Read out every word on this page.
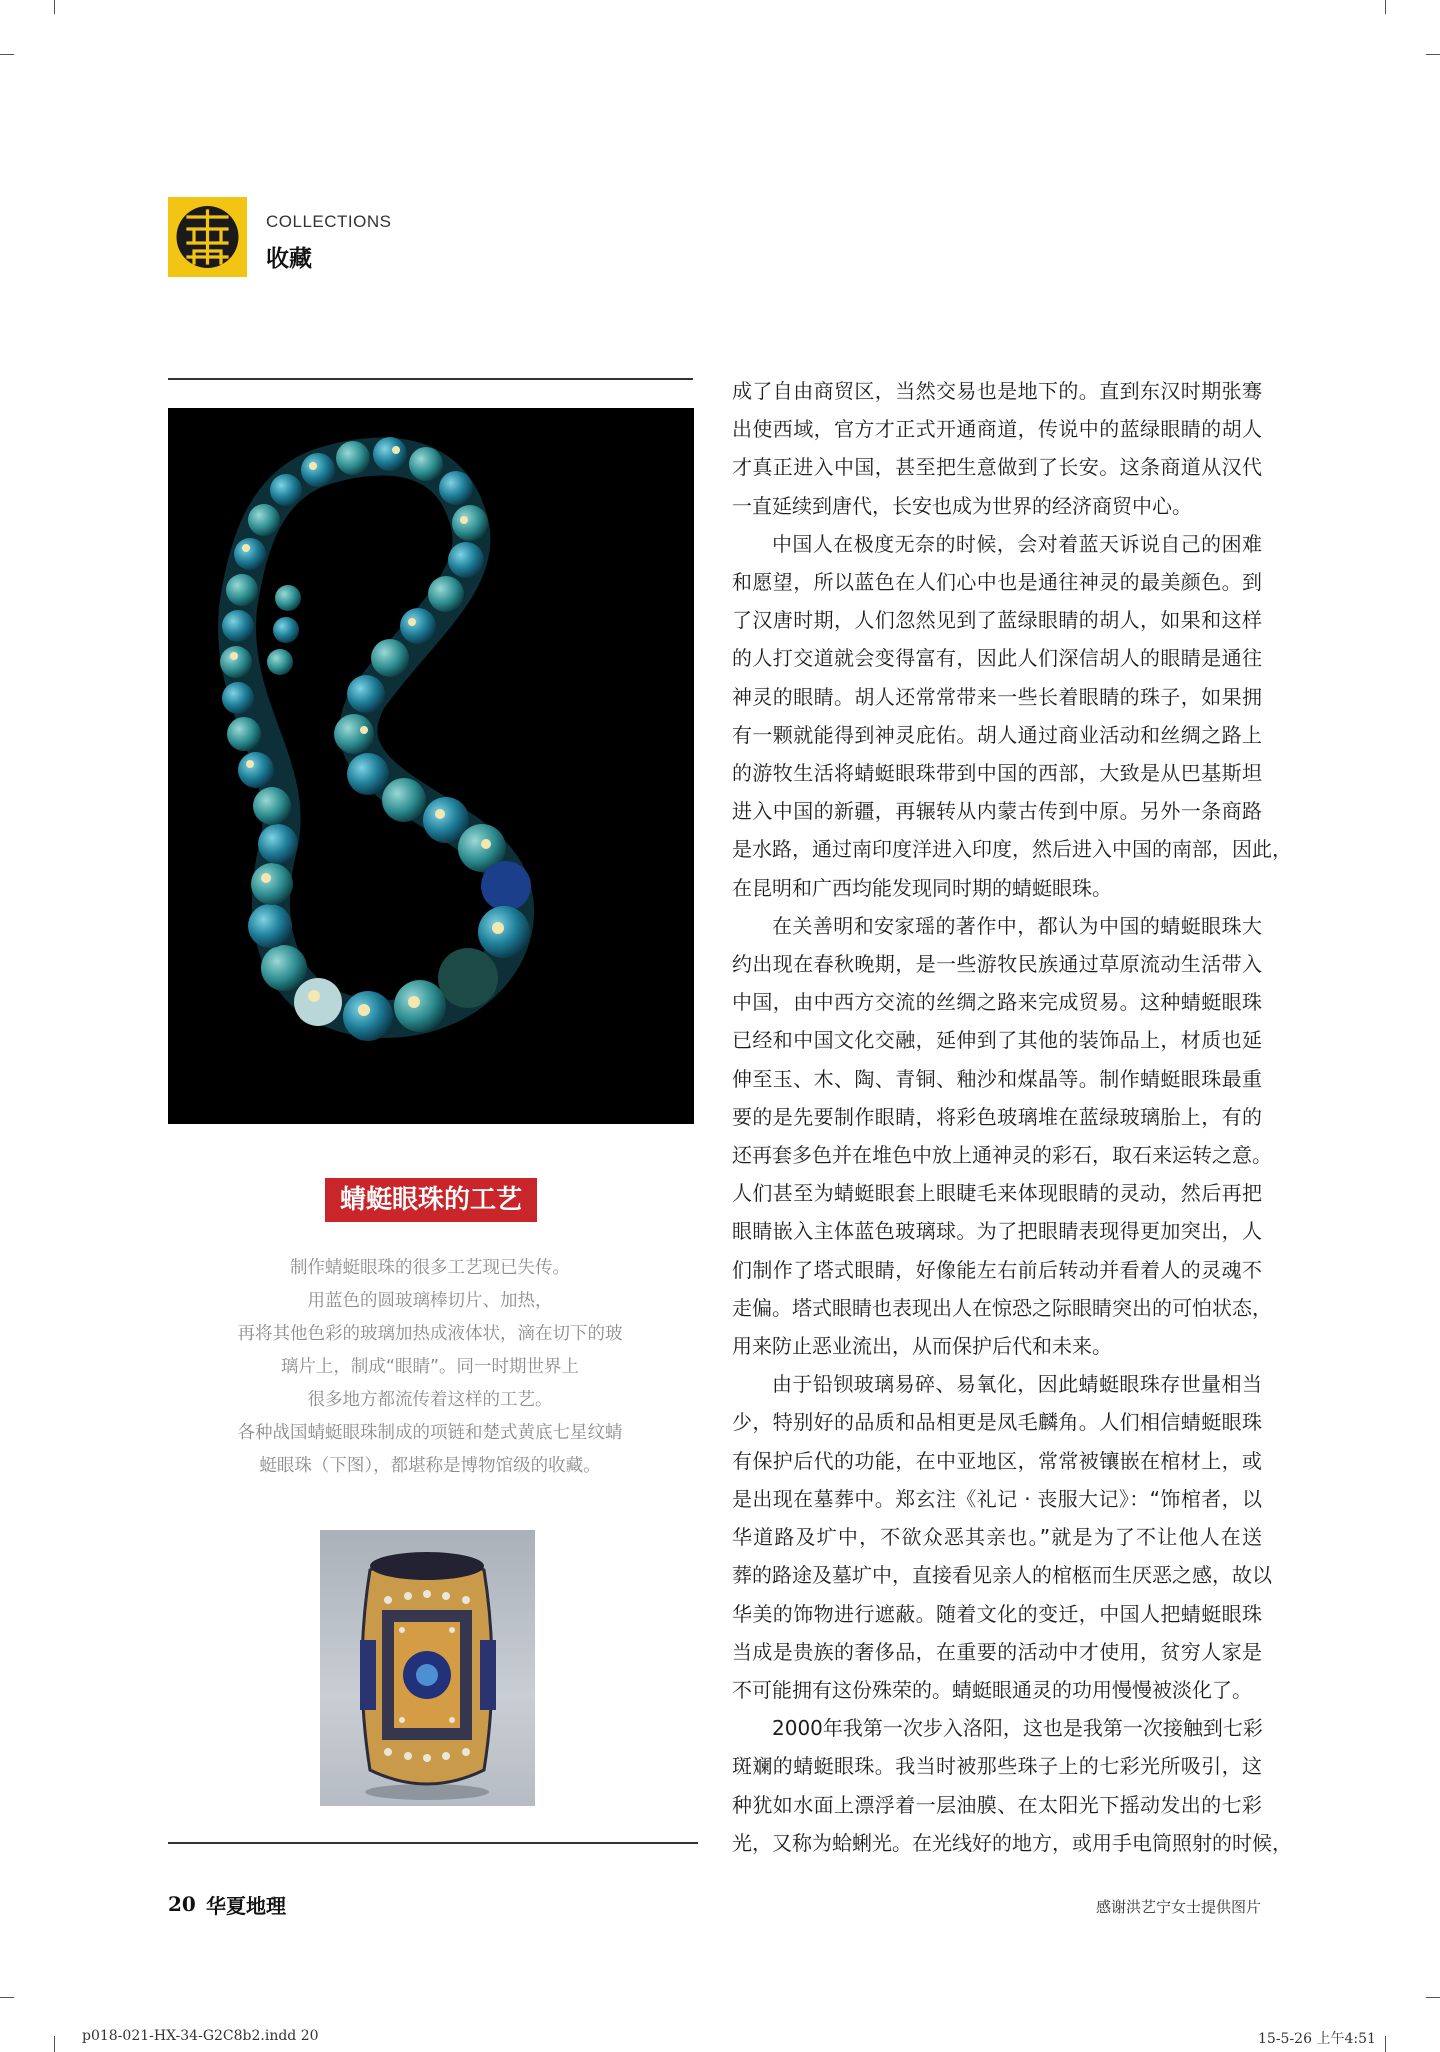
COLLECTIONS
收藏
蜻蜓眼珠的工艺
制作蜻蜓眼珠的很多工艺现已失传。
用蓝色的圆玻璃棒切片、加热，
再将其他色彩的玻璃加热成液体状，滴在切下的玻
璃片上，制成“眼睛”。同一时期世界上
很多地方都流传着这样的工艺。
各种战国蜻蜓眼珠制成的项链和楚式黄底七星纹蜻
蜓眼珠（下图），都堪称是博物馆级的收藏。

成了自由商贸区，当然交易也是地下的。直到东汉时期张骞
出使西域，官方才正式开通商道，传说中的蓝绿眼睛的胡人
才真正进入中国，甚至把生意做到了长安。这条商道从汉代
一直延续到唐代，长安也成为世界的经济商贸中心。

中国人在极度无奈的时候，会对着蓝天诉说自己的困难
和愿望，所以蓝色在人们心中也是通往神灵的最美颜色。到
了汉唐时期，人们忽然见到了蓝绿眼睛的胡人，如果和这样
的人打交道就会变得富有，因此人们深信胡人的眼睛是通往
神灵的眼睛。胡人还常常带来一些长着眼睛的珠子，如果拥
有一颗就能得到神灵庇佑。胡人通过商业活动和丝绸之路上
的游牧生活将蜻蜓眼珠带到中国的西部，大致是从巴基斯坦
进入中国的新疆，再辗转从内蒙古传到中原。另外一条商路
是水路，通过南印度洋进入印度，然后进入中国的南部，因此，
在昆明和广西均能发现同时期的蜻蜓眼珠。

在关善明和安家瑶的著作中，都认为中国的蜻蜓眼珠大
约出现在春秋晚期，是一些游牧民族通过草原流动生活带入
中国，由中西方交流的丝绸之路来完成贸易。这种蜻蜓眼珠
已经和中国文化交融，延伸到了其他的装饰品上，材质也延
伸至玉、木、陶、青铜、釉沙和煤晶等。制作蜻蜓眼珠最重
要的是先要制作眼睛，将彩色玻璃堆在蓝绿玻璃胎上，有的
还再套多色并在堆色中放上通神灵的彩石，取石来运转之意。
人们甚至为蜻蜓眼套上眼睫毛来体现眼睛的灵动，然后再把
眼睛嵌入主体蓝色玻璃球。为了把眼睛表现得更加突出，人
们制作了塔式眼睛，好像能左右前后转动并看着人的灵魂不
走偏。塔式眼睛也表现出人在惊恐之际眼睛突出的可怕状态，
用来防止恶业流出，从而保护后代和未来。

由于铅钡玻璃易碎、易氧化，因此蜻蜓眼珠存世量相当
少，特别好的品质和品相更是凤毛麟角。人们相信蜻蜓眼珠
有保护后代的功能，在中亚地区，常常被镶嵌在棺材上，或
是出现在墓葬中。郑玄注《礼记 · 丧服大记》：“饰棺者，以
华道路及圹中，不欲众恶其亲也。”就是为了不让他人在送
葬的路途及墓圹中，直接看见亲人的棺柩而生厌恶之感，故以
华美的饰物进行遮蔽。随着文化的变迁，中国人把蜻蜓眼珠
当成是贵族的奢侈品，在重要的活动中才使用，贫穷人家是
不可能拥有这份殊荣的。蜻蜓眼通灵的功用慢慢被淡化了。

2000年我第一次步入洛阳，这也是我第一次接触到七彩
斑斓的蜻蜓眼珠。我当时被那些珠子上的七彩光所吸引，这
种犹如水面上漂浮着一层油膜、在太阳光下摇动发出的七彩
光，又称为蛤蜊光。在光线好的地方，或用手电筒照射的时候，

20 华夏地理	感谢洪艺宁女士提供图片
p018-021-HX-34-G2C8b2.indd 20	15-5-26 上午4:51
